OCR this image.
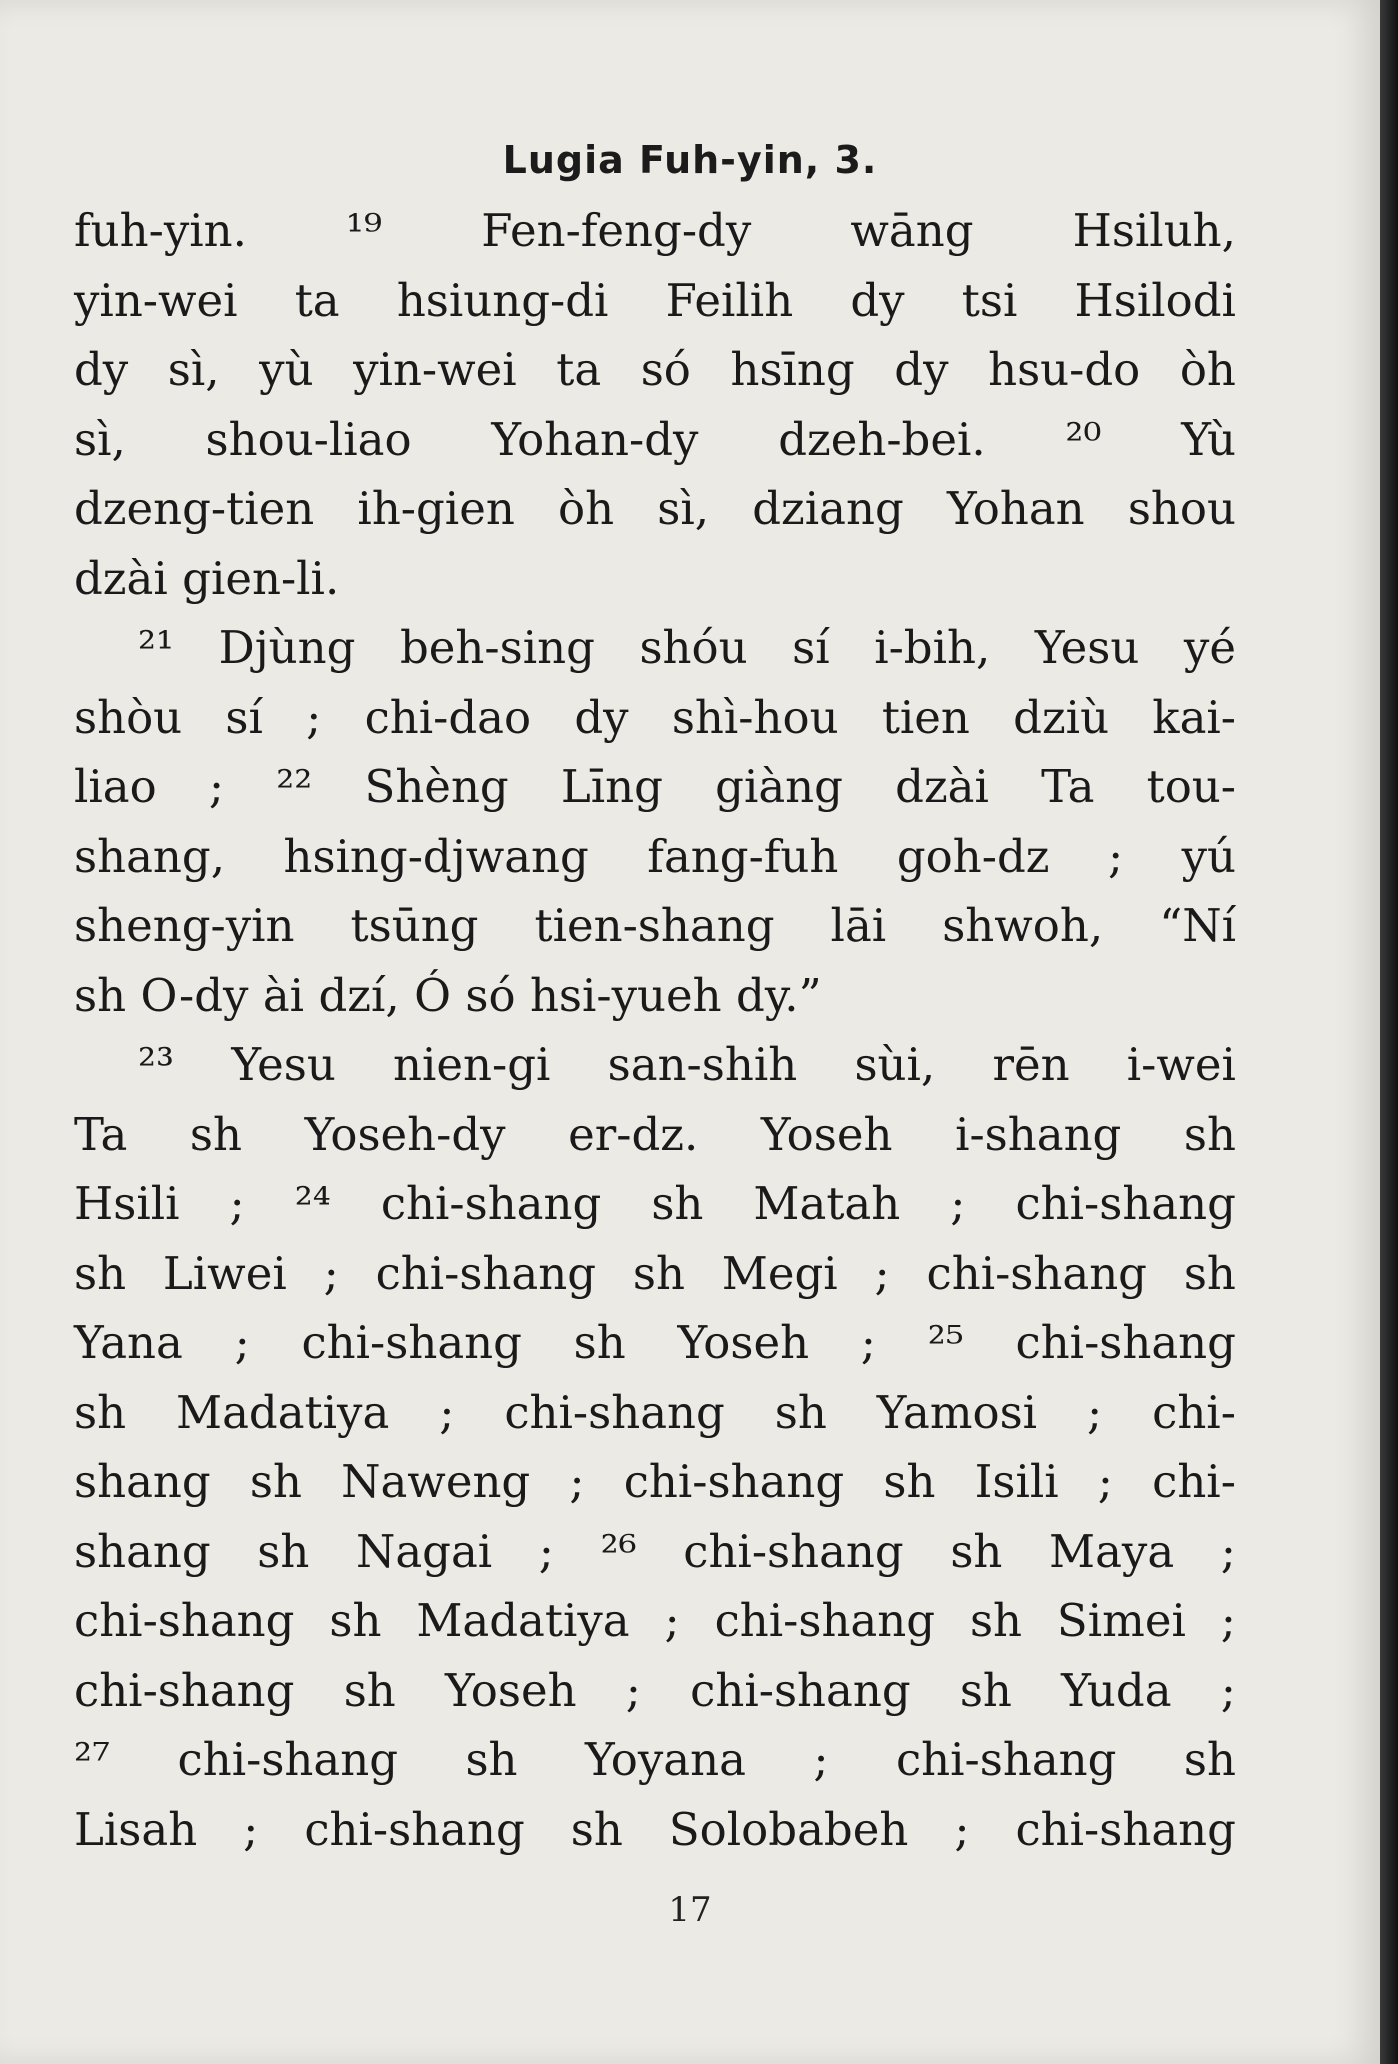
Lugia Fuh-yin, 3.
fuh-yin. ¹⁹ Fen-feng-dy wāng Hsiluh,
yin-wei ta hsiung-di Feilih dy tsi Hsilodi
dy sì, yù yin-wei ta só hsīng dy hsu-do òh
sì, shou-liao Yohan-dy dzeh-bei. ²⁰ Yù
dzeng-tien ih-gien òh sì, dziang Yohan shou
dzài gien-li.
²¹ Djùng beh-sing shóu sí i-bih, Yesu yé
shòu sí ; chi-dao dy shì-hou tien dziù kai-
liao ; ²² Shèng Līng giàng dzài Ta tou-
shang, hsing-djwang fang-fuh goh-dz ; yú
sheng-yin tsūng tien-shang lāi shwoh, “Ní
sh O-dy ài dzí, Ó só hsi-yueh dy.”
²³ Yesu nien-gi san-shih sùi, rēn i-wei
Ta sh Yoseh-dy er-dz. Yoseh i-shang sh
Hsili ; ²⁴ chi-shang sh Matah ; chi-shang
sh Liwei ; chi-shang sh Megi ; chi-shang sh
Yana ; chi-shang sh Yoseh ; ²⁵ chi-shang
sh Madatiya ; chi-shang sh Yamosi ; chi-
shang sh Naweng ; chi-shang sh Isili ; chi-
shang sh Nagai ; ²⁶ chi-shang sh Maya ;
chi-shang sh Madatiya ; chi-shang sh Simei ;
chi-shang sh Yoseh ; chi-shang sh Yuda ;
²⁷ chi-shang sh Yoyana ; chi-shang sh
Lisah ; chi-shang sh Solobabeh ; chi-shang
17
